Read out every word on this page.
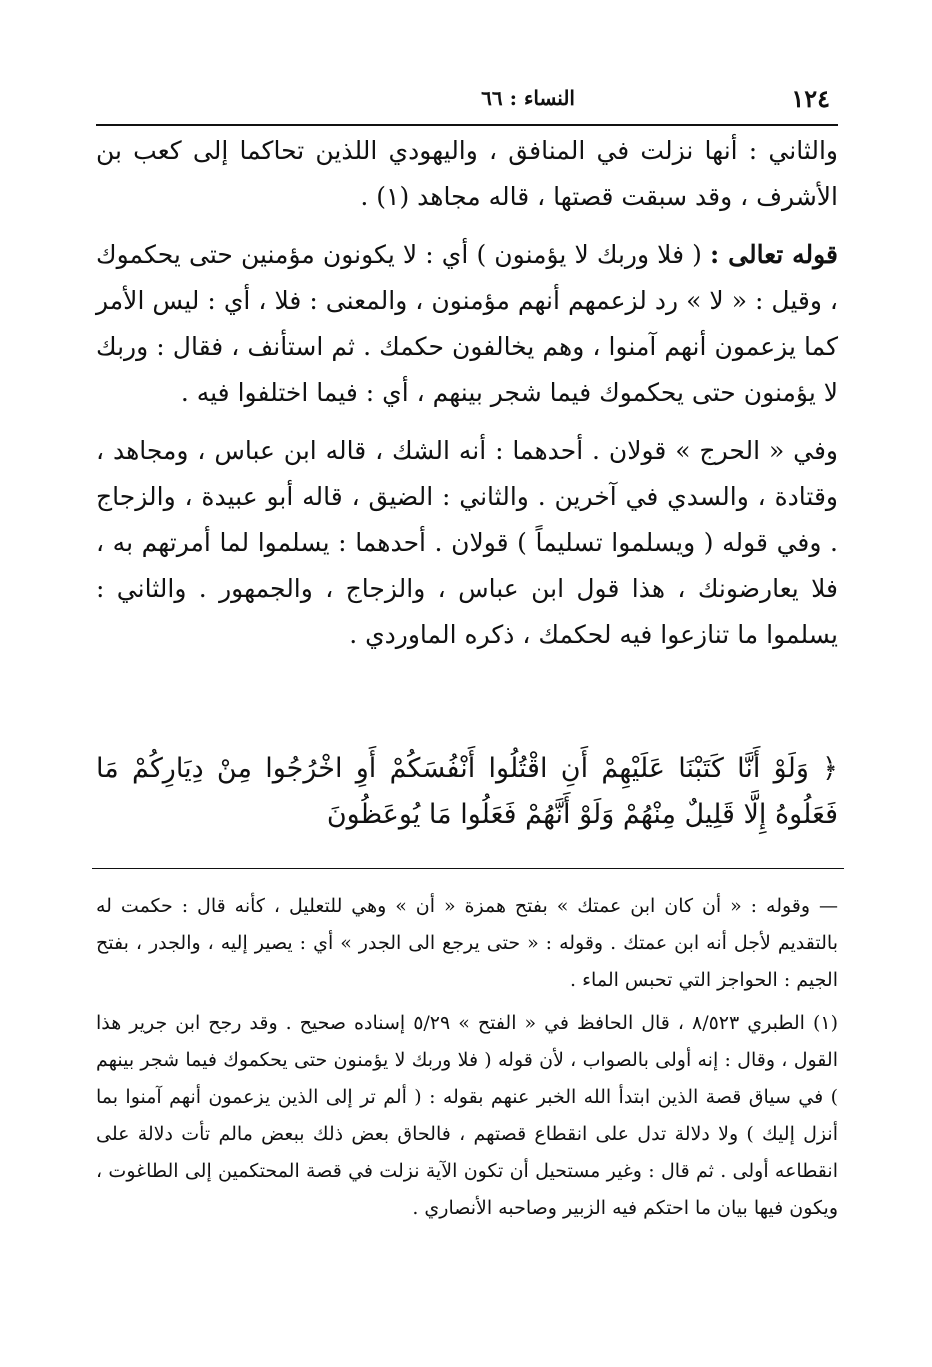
١٢٤
النساء : ٦٦

والثاني : أنها نزلت في المنافق ، واليهودي اللذين تحاكما إلى كعب بن الأشرف ، وقد سبقت قصتها ، قاله مجاهد (١) .

قوله تعالى : ( فلا وربك لا يؤمنون ) أي : لا يكونون مؤمنين حتى يحكموك ، وقيل : « لا » رد لزعمهم أنهم مؤمنون ، والمعنى : فلا ، أي : ليس الأمر كما يزعمون أنهم آمنوا ، وهم يخالفون حكمك . ثم استأنف ، فقال : وربك لا يؤمنون حتى يحكموك فيما شجر بينهم ، أي : فيما اختلفوا فيه .

وفي « الحرج » قولان . أحدهما : أنه الشك ، قاله ابن عباس ، ومجاهد ، وقتادة ، والسدي في آخرين . والثاني : الضيق ، قاله أبو عبيدة ، والزجاج . وفي قوله ( ويسلموا تسليماً ) قولان . أحدهما : يسلموا لما أمرتهم به ، فلا يعارضونك ، هذا قول ابن عباس ، والزجاج ، والجمهور . والثاني : يسلموا ما تنازعوا فيه لحكمك ، ذكره الماوردي .

﴿ وَلَوْ أَنَّا كَتَبْنَا عَلَيْهِمْ أَنِ اقْتُلُوا أَنْفُسَكُمْ أَوِ اخْرُجُوا مِنْ دِيَارِكُمْ مَا فَعَلُوهُ إِلَّا قَلِيلٌ مِنْهُمْ وَلَوْ أَنَّهُمْ فَعَلُوا مَا يُوعَظُونَ

— وقوله : « أن كان ابن عمتك » بفتح همزة « أن » وهي للتعليل ، كأنه قال : حكمت له بالتقديم لأجل أنه ابن عمتك . وقوله : « حتى يرجع الى الجدر » أي : يصير إليه ، والجدر ، بفتح الجيم : الحواجز التي تحبس الماء .

(١) الطبري ٨/٥٢٣ ، قال الحافظ في « الفتح » ٥/٢٩ إسناده صحيح . وقد رجح ابن جرير هذا القول ، وقال : إنه أولى بالصواب ، لأن قوله ( فلا وربك لا يؤمنون حتى يحكموك فيما شجر بينهم ) في سياق قصة الذين ابتدأ الله الخبر عنهم بقوله : ( ألم تر إلى الذين يزعمون أنهم آمنوا بما أنزل إليك ) ولا دلالة تدل على انقطاع قصتهم ، فالحاق بعض ذلك ببعض مالم تأت دلالة على انقطاعه أولى . ثم قال : وغير مستحيل أن تكون الآية نزلت في قصة المحتكمين إلى الطاغوت ، ويكون فيها بيان ما احتكم فيه الزبير وصاحبه الأنصاري .
